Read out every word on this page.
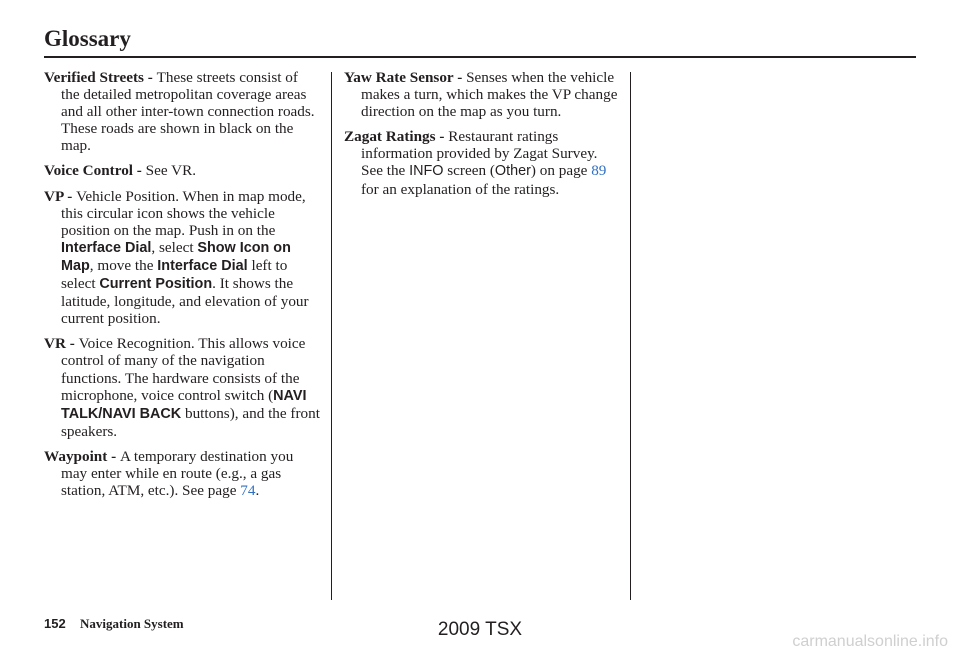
Glossary

Verified Streets - These streets consist of the detailed metropolitan coverage areas and all other inter-town connection roads. These roads are shown in black on the map.

Voice Control - See VR.

VP - Vehicle Position. When in map mode, this circular icon shows the vehicle position on the map. Push in on the Interface Dial, select Show Icon on Map, move the Interface Dial left to select Current Position. It shows the latitude, longitude, and elevation of your current position.

VR - Voice Recognition. This allows voice control of many of the navigation functions. The hardware consists of the microphone, voice control switch (NAVI TALK/NAVI BACK buttons), and the front speakers.

Waypoint - A temporary destination you may enter while en route (e.g., a gas station, ATM, etc.). See page 74.

Yaw Rate Sensor - Senses when the vehicle makes a turn, which makes the VP change direction on the map as you turn.

Zagat Ratings - Restaurant ratings information provided by Zagat Survey. See the INFO screen (Other) on page 89 for an explanation of the ratings.

152 Navigation System	2009 TSX
carmanualsonline.info
